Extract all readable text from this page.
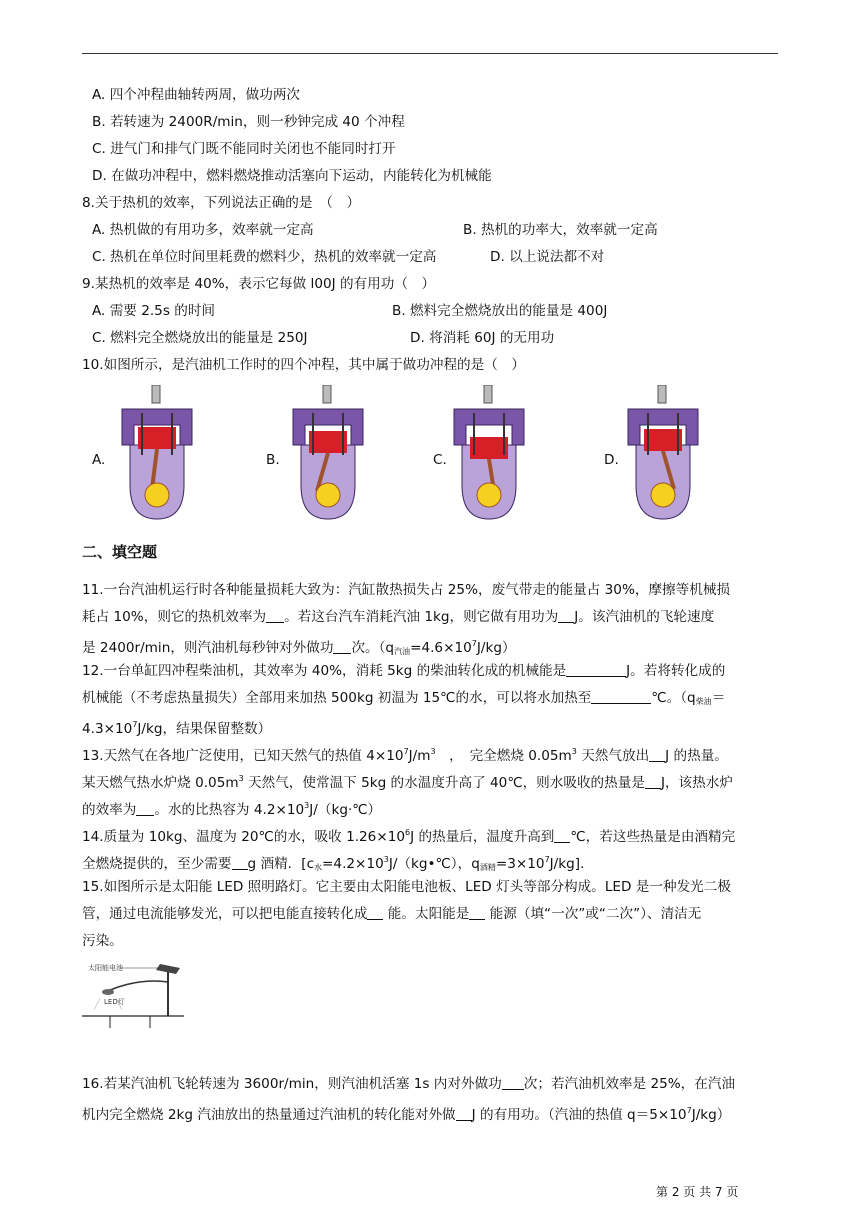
A. 四个冲程曲轴转两周，做功两次
B. 若转速为 2400R/min，则一秒钟完成 40 个冲程
C. 进气门和排气门既不能同时关闭也不能同时打开
D. 在做功冲程中，燃料燃烧推动活塞向下运动，内能转化为机械能
8.关于热机的效率，下列说法正确的是　（　）
A. 热机做的有用功多，效率就一定高	B. 热机的功率大，效率就一定高
C. 热机在单位时间里耗费的燃料少，热机的效率就一定高	D. 以上说法都不对
9.某热机的效率是 40%，表示它每做 l00J 的有用功（　）
A. 需要 2.5s 的时间	B. 燃料完全燃烧放出的能量是 400J
C. 燃料完全燃烧放出的能量是 250J	D. 将消耗 60J 的无用功
10.如图所示，是汽油机工作时的四个冲程，其中属于做功冲程的是（　）
A.	B.	C.	D.
二、填空题
11.一台汽油机运行时各种能量损耗大致为：汽缸散热损失占 25%，废气带走的能量占 30%，摩擦等机械损
耗占 10%，则它的热机效率为 。若这台汽车消耗汽油 1kg，则它做有用功为 J。该汽油机的飞轮速度
是 2400r/min，则汽油机每秒钟对外做功 次。$(q_{汽油}=4.6\times 10^7J/kg)$
12.一台单缸四冲程柴油机，其效率为 40%，消耗 5kg 的柴油转化成的机械能是	J。若将转化成的
机械能（不考虑热量损失）全部用来加热 500kg 初温为 15℃的水，可以将水加热至	℃。（$q_{柴油}=$
$4.3\times 10^7J/kg$，结果保留整数）
13.天然气在各地广泛使用，已知天然气的热值 $4\times 10^7J/m^3$　，　完全燃烧 $0.05m^3$ 天然气放出 J 的热量。
某天燃气热水炉烧 $0.05m^3$ 天然气，使常温下 5kg 的水温度升高了 40℃，则水吸收的热量是 J，该热水炉
的效率为 。水的比热容为 $4.2\times 10^3J/(kg\cdot℃)$
14.质量为 10kg、温度为 20℃的水，吸收 $1.26\times 10^6J$ 的热量后，温度升高到 ℃，若这些热量是由酒精完
全燃烧提供的，至少需要 g 酒精．[$c_水=4.2\times 10^3J/(kg•℃)$，$q_{酒精}=3\times 10^7J/kg$]．
15.如图所示是太阳能 LED 照明路灯。它主要由太阳能电池板、LED 灯头等部分构成。LED 是一种发光二极
管，通过电流能够发光，可以把电能直接转化成 能。太阳能是 能源（填“一次”或“二次”）、清洁无
污染。
太阳能电池
LED灯
16.若某汽油机飞轮转速为 3600r/min，则汽油机活塞 1s 内对外做功 次；若汽油机效率是 25%，在汽油
机内完全燃烧 2kg 汽油放出的热量通过汽油机的转化能对外做 J 的有用功。（汽油的热值 $q=5\times 10^7J/kg$）
第 2 页 共 7 页
